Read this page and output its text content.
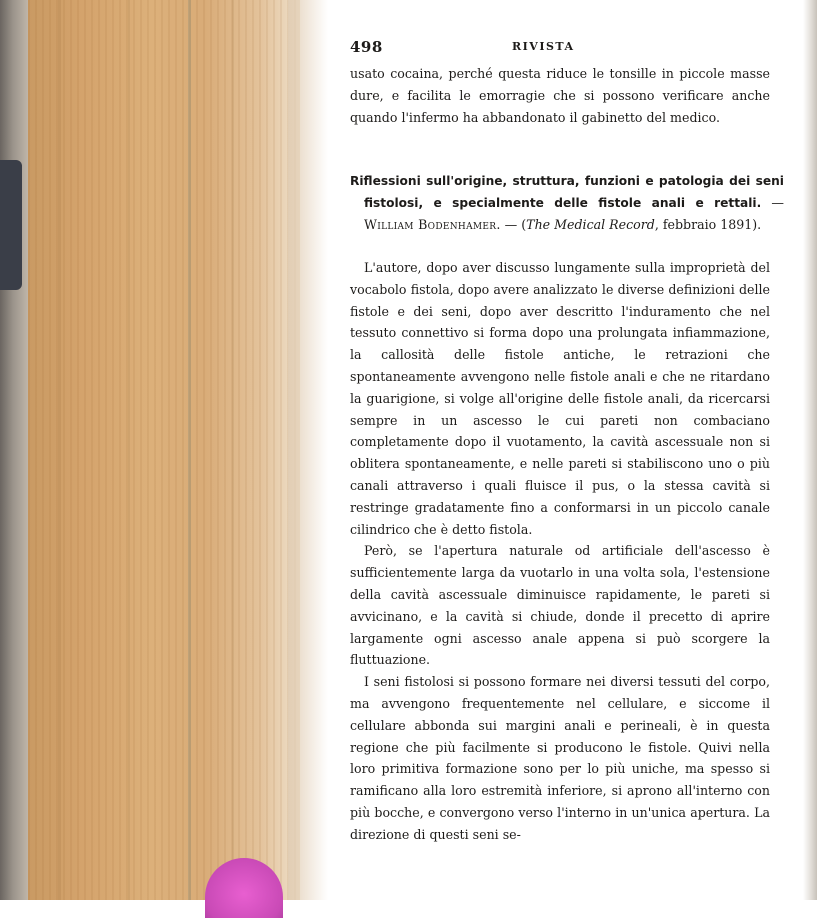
498	RIVISTA

usato cocaina, perché questa riduce le tonsille in piccole masse dure, e facilita le emorragie che si possono verificare anche quando l'infermo ha abbandonato il gabinetto del medico.

Riflessioni sull'origine, struttura, funzioni e patologia dei seni fistolosi, e specialmente delle fistole anali e rettali. — William Bodenhamer. — (The Medical Record, febbraio 1891).

L'autore, dopo aver discusso lungamente sulla improprietà del vocabolo fistola, dopo avere analizzato le diverse definizioni delle fistole e dei seni, dopo aver descritto l'induramento che nel tessuto connettivo si forma dopo una prolungata infiammazione, la callosità delle fistole antiche, le retrazioni che spontaneamente avvengono nelle fistole anali e che ne ritardano la guarigione, si volge all'origine delle fistole anali, da ricercarsi sempre in un ascesso le cui pareti non combaciano completamente dopo il vuotamento, la cavità ascessuale non si oblitera spontaneamente, e nelle pareti si stabiliscono uno o più canali attraverso i quali fluisce il pus, o la stessa cavità si restringe gradatamente fino a conformarsi in un piccolo canale cilindrico che è detto fistola.

Però, se l'apertura naturale od artificiale dell'ascesso è sufficientemente larga da vuotarlo in una volta sola, l'estensione della cavità ascessuale diminuisce rapidamente, le pareti si avvicinano, e la cavità si chiude, donde il precetto di aprire largamente ogni ascesso anale appena si può scorgere la fluttuazione.

I seni fistolosi si possono formare nei diversi tessuti del corpo, ma avvengono frequentemente nel cellulare, e siccome il cellulare abbonda sui margini anali e perineali, è in questa regione che più facilmente si producono le fistole. Quivi nella loro primitiva formazione sono per lo più uniche, ma spesso si ramificano alla loro estremità inferiore, si aprono all'interno con più bocche, e convergono verso l'interno in un'unica apertura. La direzione di questi seni se-
